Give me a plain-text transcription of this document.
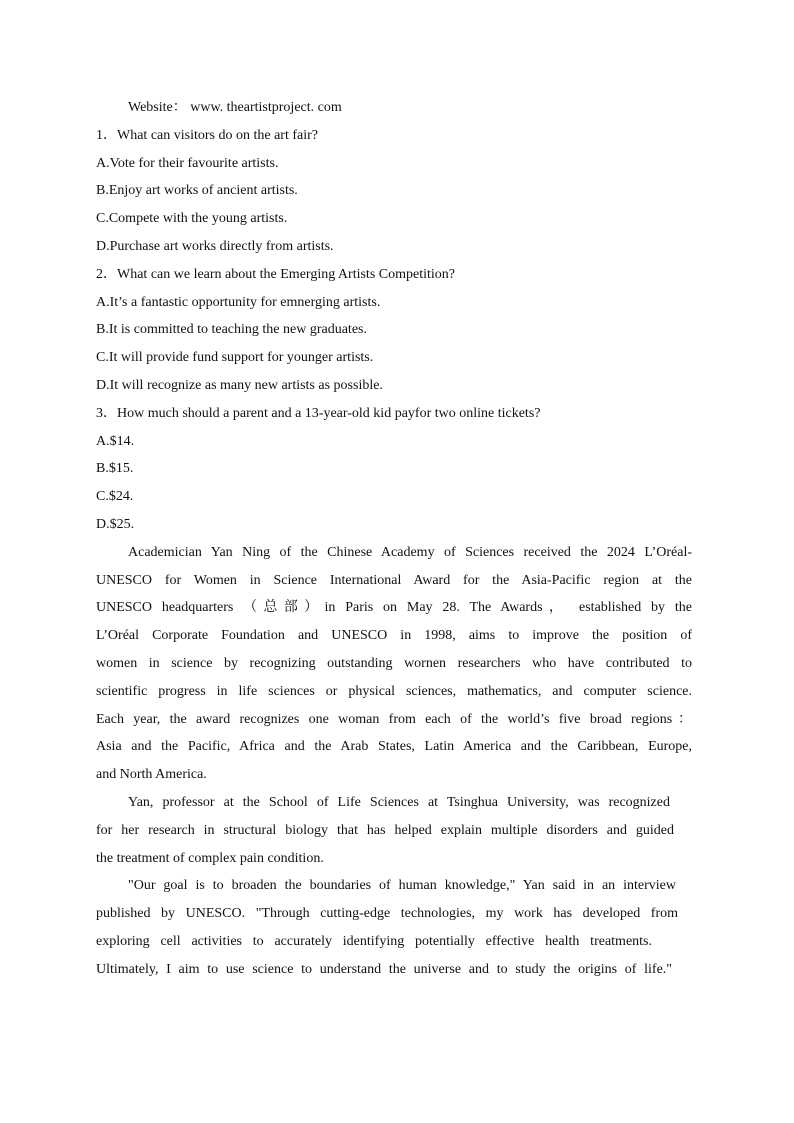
Website： www. theartistproject. com
1．What can visitors do on the art fair?
A.Vote for their favourite artists.
B.Enjoy art works of ancient artists.
C.Compete with the young artists.
D.Purchase art works directly from artists.
2．What can we learn about the Emerging Artists Competition?
A.It’s a fantastic opportunity for emnerging artists.
B.It is committed to teaching the new graduates.
C.It will provide fund support for younger artists.
D.It will recognize as many new artists as possible.
3．How much should a parent and a 13-year-old kid payfor two online tickets?
A.$14.
B.$15.
C.$24.
D.$25.
Academician Yan Ning of the Chinese Academy of Sciences received the 2024 L’Oréal-
UNESCO for Women in Science International Award for the Asia-Pacific region at the
UNESCO headquarters （总部）in Paris on May 28. The Awards， established by the
L’Oréal Corporate Foundation and UNESCO in 1998, aims to improve the position of
women in science by recognizing outstanding wornen researchers who have contributed to
scientific progress in life sciences or physical sciences, mathematics, and computer science.
Each year, the award recognizes one woman from each of the world’s five broad regions：
Asia and the Pacific, Africa and the Arab States, Latin America and the Caribbean, Europe,
and North America.
Yan, professor at the School of Life Sciences at Tsinghua University, was recognized
for her research in structural biology that has helped explain multiple disorders and guided
the treatment of complex pain condition.
"Our goal is to broaden the boundaries of human knowledge," Yan said in an interview
published by UNESCO. "Through cutting-edge technologies, my work has developed from
exploring cell activities to accurately identifying potentially effective health treatments.
Ultimately, I aim to use science to understand the universe and to study the origins of life."
